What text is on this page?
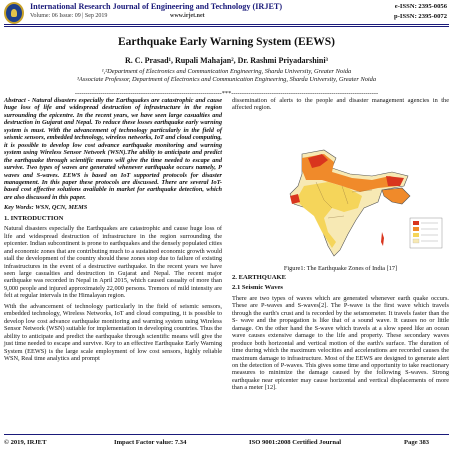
International Research Journal of Engineering and Technology (IRJET)
Volume: 06 Issue: 09 | Sep 2019	www.irjet.net
e-ISSN: 2395-0056
p-ISSN: 2395-0072
Earthquake Early Warning System (EEWS)
R. C. Prasad¹, Rupali Mahajan², Dr. Rashmi Priyadarshini³
¹,²Department of Electronics and Communication Engineering, Sharda University, Greater Noida
³Associate Professor, Department of Electronics and Communication Engineering, Sharda University, Greater Noida
---------------------------------------------------------------------***---------------------------------------------------------------------

Abstract - Natural disasters especially the Earthquakes are catastrophic and cause huge loss of life and widespread destruction of infrastructure in the region surrounding the epicentre. In the recent years, we have seen large casualties and destruction in Gujarat and Nepal. To reduce these losses earthquake early warning system is must. With the advancement of technology particularly in the field of seismic sensors, embedded technology, wireless networks, IoT and cloud computing, it is possible to develop low cost advance earthquake monitoring and warning system using Wireless Sensor Network (WSN).The ability to anticipate and predict the earthquake through scientific means will give the time needed to escape and survive. Two types of waves are generated whenever earthquake occurs namely, P waves and S-waves. EEWS is based on IoT supported protocols for disaster management. In this paper these protocols are discussed. There are several IoT-based cost effective solutions available in market for earthquake detection, which are also discussed in this paper.

Key Words: WSN, QCN, MEMS

1. INTRODUCTION

Natural disasters especially the Earthquakes are catastrophic and cause huge loss of life and widespread destruction of infrastructure in the region surrounding the epicenter. Indian subcontinent is prone to earthquakes and the densely populated cities and economic zones that are contributing much to a sustained economic growth would stall the development of the country should these zones stop due to failure of existing infrastructures in the event of a destructive earthquake. In the recent years we have seen large casualties and destruction in Gujarat and Nepal. The recent major earthquake was recorded in Nepal in April 2015, which caused casualty of more than 9,000 people and injured approximately 22,000 persons. Tremors of mild intensity are felt at regular intervals in the Himalayan region.

With the advancement of technology particularly in the field of seismic sensors, embedded technology, Wireless Networks, IoT and cloud computing, it is possible to develop low cost advance earthquake monitoring and warning system using Wireless Sensor Network (WSN) suitable for implementation in developing countries. Thus the ability to anticipate and predict the earthquake through scientific means will give the just time needed to escape and survive. Key to an effective Earthquake Early Warning System (EEWS) is the large scale employment of low cost sensors, highly reliable WSN, Real time analytics and prompt

dissemination of alerts to the people and disaster management agencies in the affected region.

Figure1: The Earthquake Zones of India [17]

2. EARTHQUAKE

2.1 Seismic Waves

There are two types of waves which are generated whenever earth quake occurs. These are P-waves and S-waves[2]. The P-wave is the first wave which travels through the earth's crust and is recorded by the seismometer. It travels faster than the S- wave and the propagation is like that of a sound wave. It causes no or little damage. On the other hand the S-wave which travels at a slow speed like an ocean wave causes extensive damage to the life and property. These secondary waves produce both horizontal and vertical motion of the earth's surface. The duration of time during which the maximum velocities and accelerations are recorded causes the maximum damage to infrastructure. Most of the EEWS are designed to generate alert on the detection of P-waves. This gives some time and opportunity to take reactionary measures to minimize the damage caused by the following S-waves. Strong earthquake near epicenter may cause horizontal and vertical displacements of more than a meter [12].

© 2019, IRJET	Impact Factor value: 7.34	ISO 9001:2008 Certified Journal	Page 383
